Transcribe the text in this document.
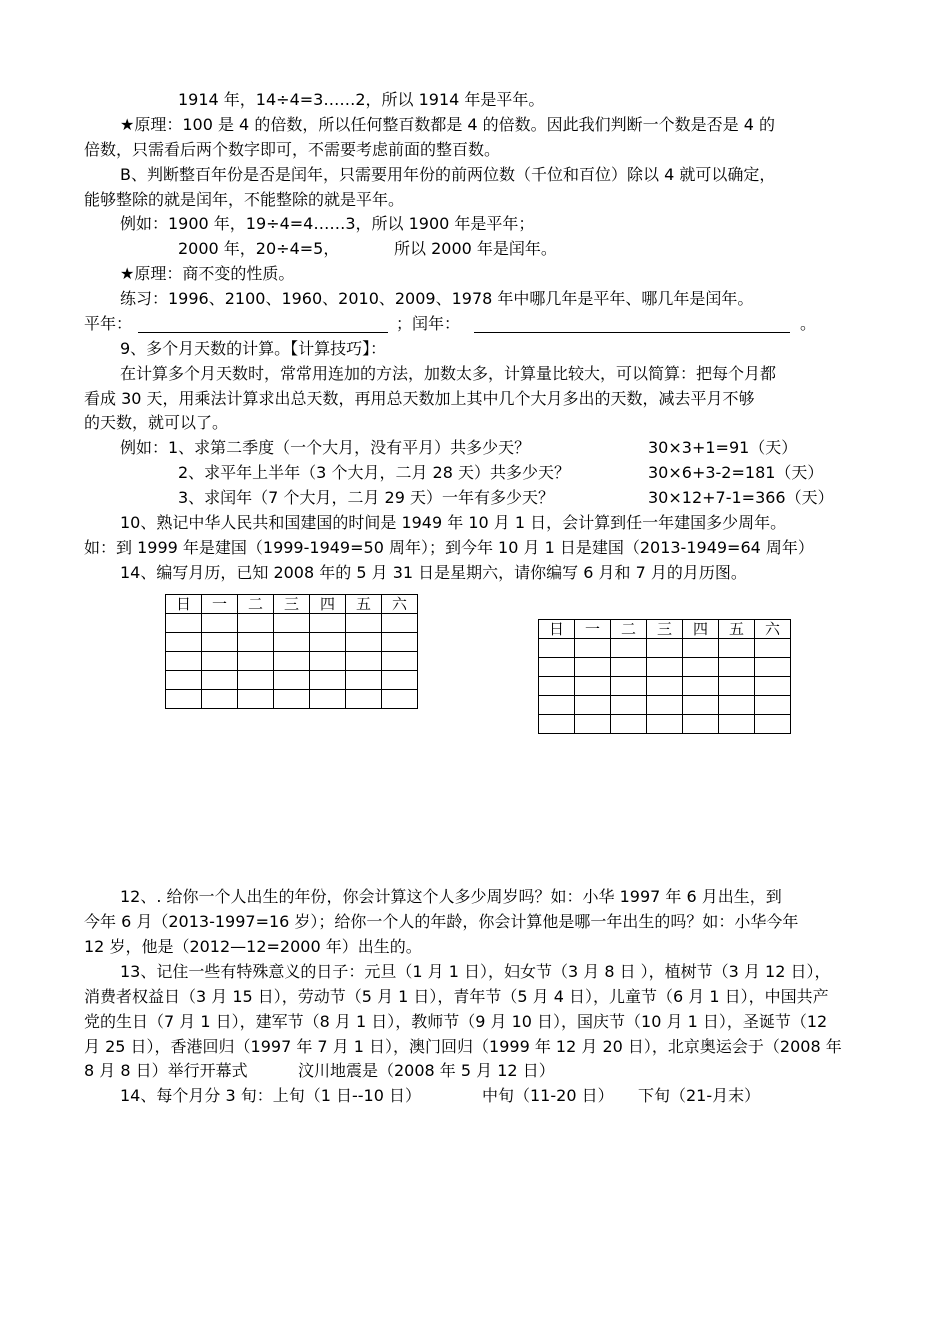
1914 年，14÷4=3……2，所以 1914 年是平年。
★原理：100 是 4 的倍数，所以任何整百数都是 4 的倍数。因此我们判断一个数是否是 4 的
倍数，只需看后两个数字即可，不需要考虑前面的整百数。
B、判断整百年份是否是闰年，只需要用年份的前两位数（千位和百位）除以 4 就可以确定，
能够整除的就是闰年，不能整除的就是平年。
例如：1900 年，19÷4=4……3，所以 1900 年是平年；
2000 年，20÷4=5，	所以 2000 年是闰年。
★原理：商不变的性质。
练习：1996、2100、1960、2010、2009、1978 年中哪几年是平年、哪几年是闰年。
平年：	；闰年：	。
9、多个月天数的计算。【计算技巧】：
在计算多个月天数时，常常用连加的方法，加数太多，计算量比较大，可以简算：把每个月都
看成 30 天，用乘法计算求出总天数，再用总天数加上其中几个大月多出的天数，减去平月不够
的天数，就可以了。
例如：1、求第二季度（一个大月，没有平月）共多少天？	30×3+1=91（天）
2、求平年上半年（3 个大月，二月 28 天）共多少天？	30×6+3-2=181（天）
3、求闰年（7 个大月，二月 29 天）一年有多少天？	30×12+7-1=366（天）
10、熟记中华人民共和国建国的时间是 1949 年 10 月 1 日，会计算到任一年建国多少周年。
如：到 1999 年是建国（1999-1949=50 周年）；到今年 10 月 1 日是建国（2013-1949=64 周年）
14、编写月历，已知 2008 年的 5 月 31 日是星期六，请你编写 6 月和 7 月的月历图。
日	一	二	三	四	五	六

日	一	二	三	四	五	六

12、. 给你一个人出生的年份，你会计算这个人多少周岁吗？如：小华 1997 年 6 月出生，到
今年 6 月（2013-1997=16 岁）；给你一个人的年龄，你会计算他是哪一年出生的吗？如：小华今年
12 岁，他是（2012—12=2000 年）出生的。
13、记住一些有特殊意义的日子：元旦（1 月 1 日），妇女节（3 月 8 日 ），植树节（3 月 12 日），
消费者权益日（3 月 15 日），劳动节（5 月 1 日），青年节（5 月 4 日），儿童节（6 月 1 日），中国共产
党的生日（7 月 1 日），建军节（8 月 1 日），教师节（9 月 10 日），国庆节（10 月 1 日），圣诞节（12
月 25 日），香港回归（1997 年 7 月 1 日），澳门回归（1999 年 12 月 20 日），北京奥运会于（2008 年
8 月 8 日）举行开幕式	汶川地震是（2008 年 5 月 12 日）
14、每个月分 3 旬：上旬（1 日--10 日）	中旬（11-20 日） 下旬（21-月末）
